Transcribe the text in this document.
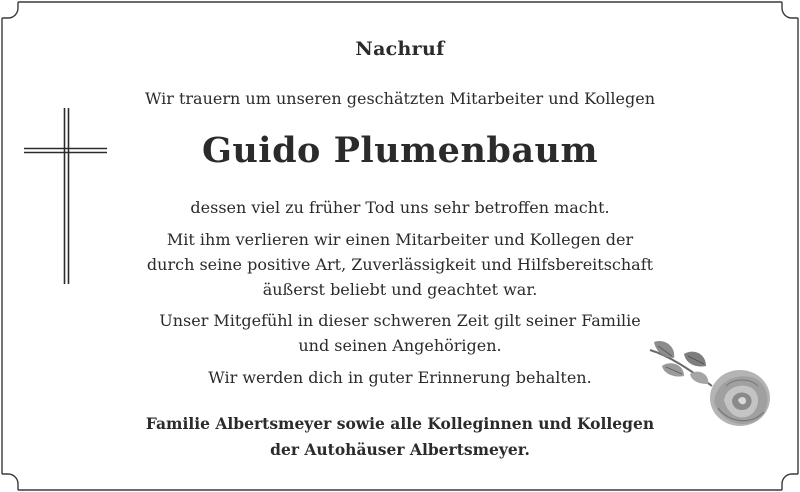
Nachruf
Wir trauern um unseren geschätzten Mitarbeiter und Kollegen
Guido Plumenbaum
dessen viel zu früher Tod uns sehr betroffen macht.
Mit ihm verlieren wir einen Mitarbeiter und Kollegen der
durch seine positive Art, Zuverlässigkeit und Hilfsbereitschaft
äußerst beliebt und geachtet war.
Unser Mitgefühl in dieser schweren Zeit gilt seiner Familie
und seinen Angehörigen.
Wir werden dich in guter Erinnerung behalten.
Familie Albertsmeyer sowie alle Kolleginnen und Kollegen
der Autohäuser Albertsmeyer.
